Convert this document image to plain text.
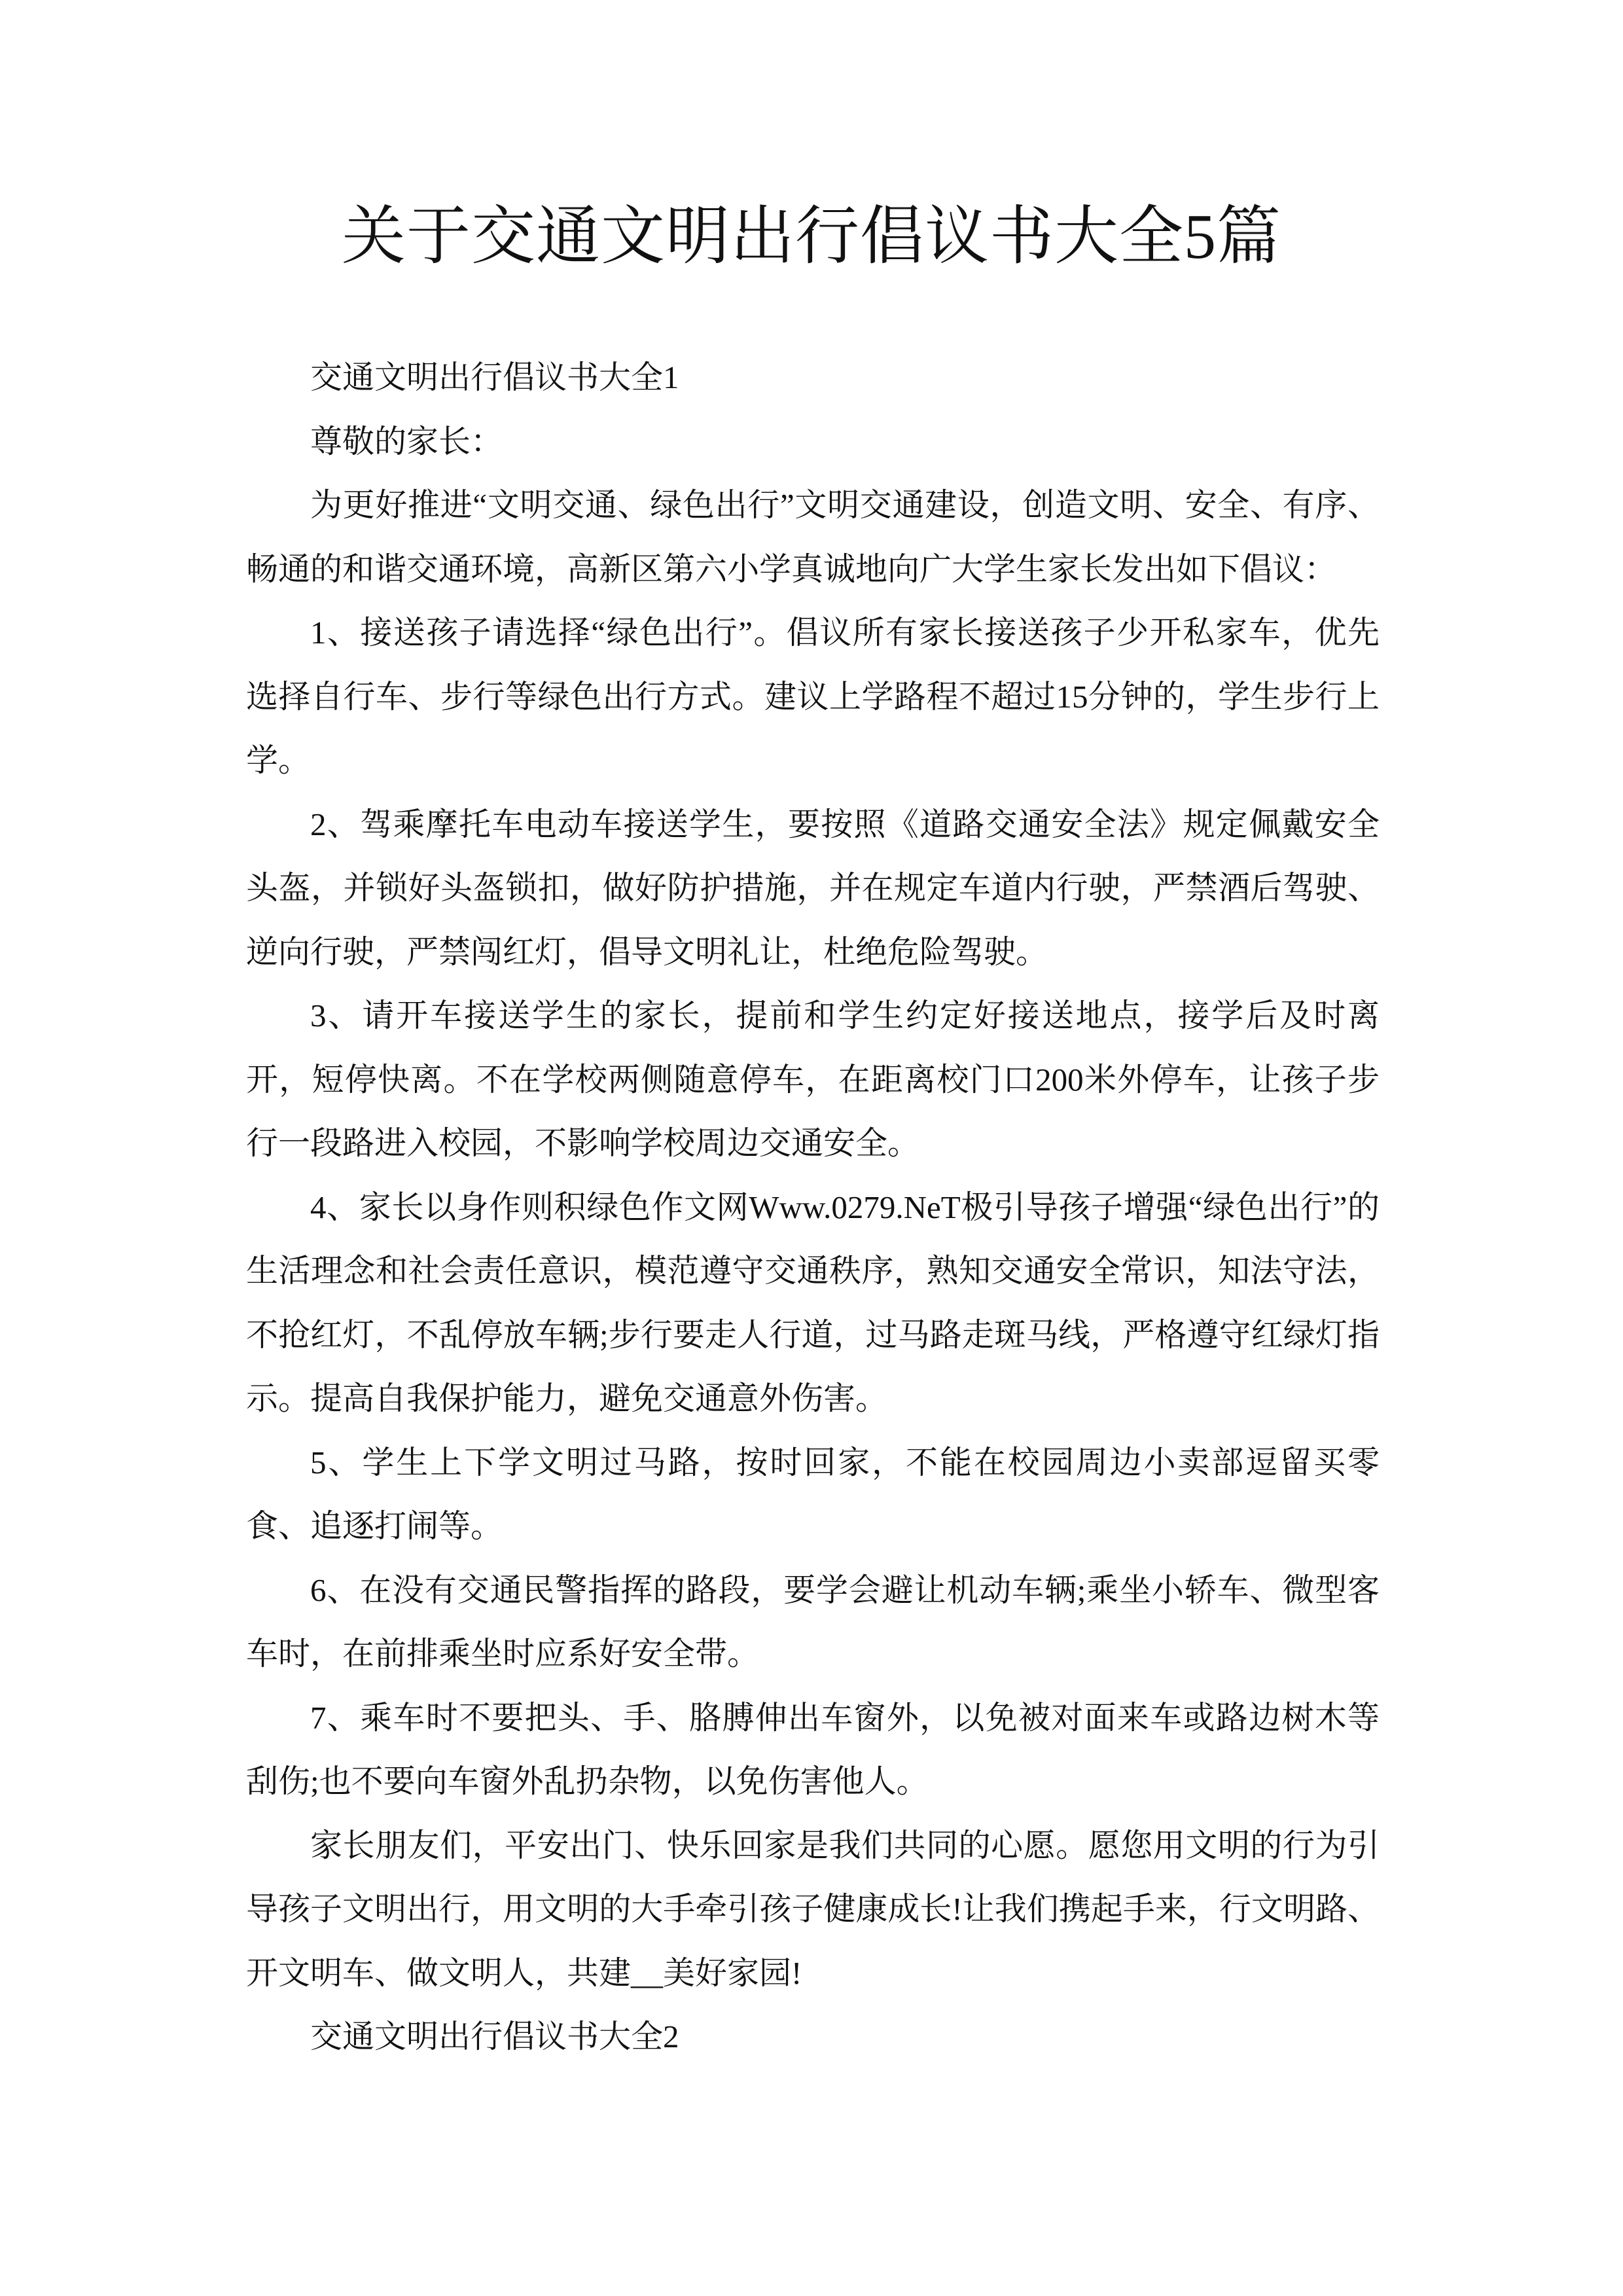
关于交通文明出行倡议书大全5篇

交通文明出行倡议书大全1

尊敬的家长：

为更好推进“文明交通、绿色出行”文明交通建设，创造文明、安全、有序、畅通的和谐交通环境，高新区第六小学真诚地向广大学生家长发出如下倡议：

1、接送孩子请选择“绿色出行”。倡议所有家长接送孩子少开私家车，优先选择自行车、步行等绿色出行方式。建议上学路程不超过15分钟的，学生步行上学。

2、驾乘摩托车电动车接送学生，要按照《道路交通安全法》规定佩戴安全头盔，并锁好头盔锁扣，做好防护措施，并在规定车道内行驶，严禁酒后驾驶、逆向行驶，严禁闯红灯，倡导文明礼让，杜绝危险驾驶。

3、请开车接送学生的家长，提前和学生约定好接送地点，接学后及时离开，短停快离。不在学校两侧随意停车，在距离校门口200米外停车，让孩子步行一段路进入校园，不影响学校周边交通安全。

4、家长以身作则积绿色作文网Www.0279.NeT极引导孩子增强“绿色出行”的生活理念和社会责任意识，模范遵守交通秩序，熟知交通安全常识，知法守法，不抢红灯，不乱停放车辆;步行要走人行道，过马路走斑马线，严格遵守红绿灯指示。提高自我保护能力，避免交通意外伤害。

5、学生上下学文明过马路，按时回家，不能在校园周边小卖部逗留买零食、追逐打闹等。

6、在没有交通民警指挥的路段，要学会避让机动车辆;乘坐小轿车、微型客车时，在前排乘坐时应系好安全带。

7、乘车时不要把头、手、胳膊伸出车窗外，以免被对面来车或路边树木等刮伤;也不要向车窗外乱扔杂物，以免伤害他人。

家长朋友们，平安出门、快乐回家是我们共同的心愿。愿您用文明的行为引导孩子文明出行，用文明的大手牵引孩子健康成长!让我们携起手来，行文明路、开文明车、做文明人，共建__美好家园!

交通文明出行倡议书大全2
